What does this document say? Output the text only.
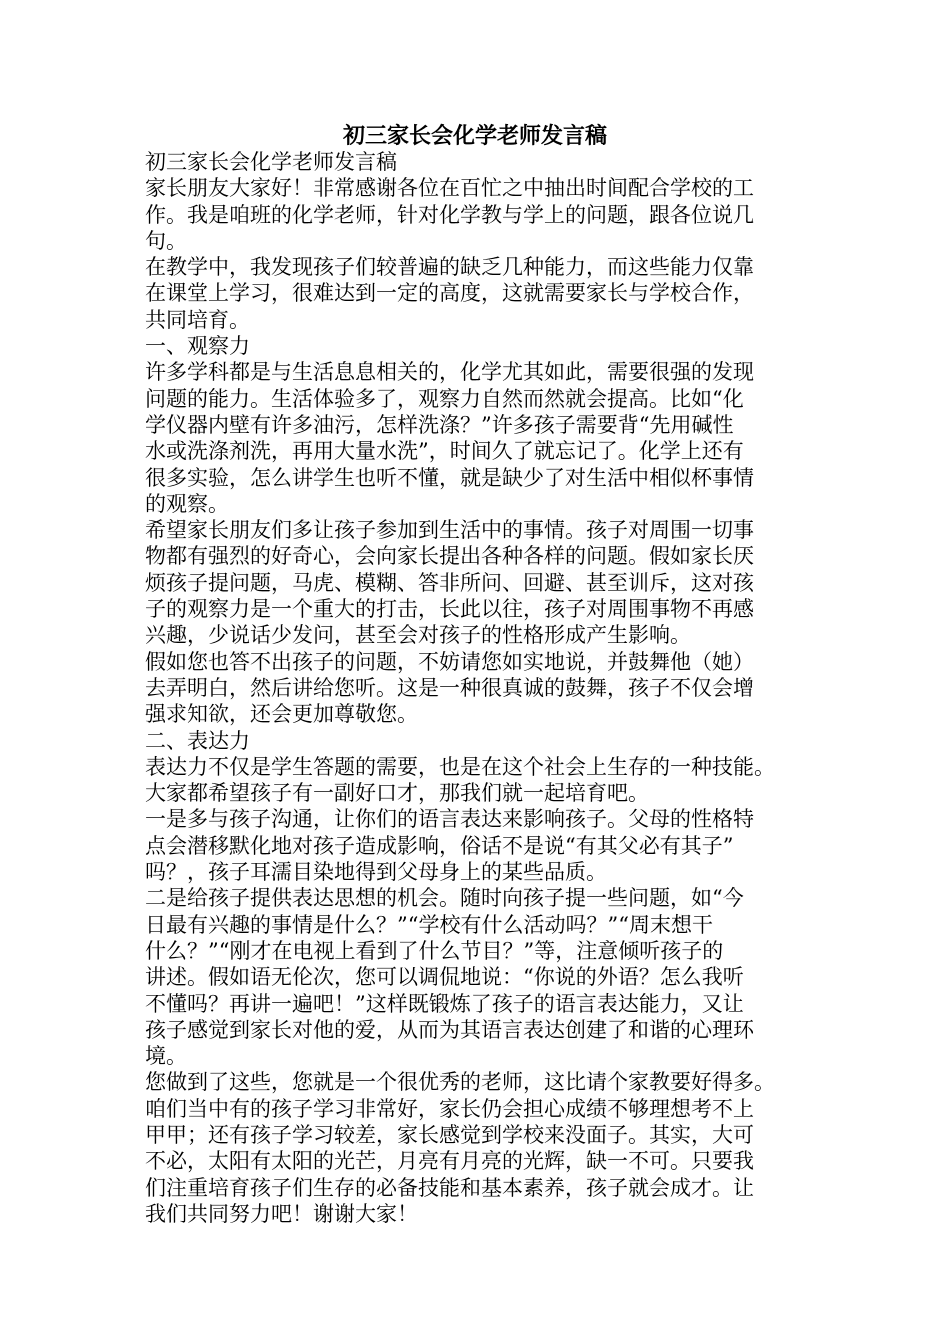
初三家长会化学老师发言稿
初三家长会化学老师发言稿
家长朋友大家好！非常感谢各位在百忙之中抽出时间配合学校的工
作。我是咱班的化学老师，针对化学教与学上的问题，跟各位说几
句。
在教学中，我发现孩子们较普遍的缺乏几种能力，而这些能力仅靠
在课堂上学习，很难达到一定的高度，这就需要家长与学校合作，
共同培育。
一、观察力
许多学科都是与生活息息相关的，化学尤其如此，需要很强的发现
问题的能力。生活体验多了，观察力自然而然就会提高。比如“化
学仪器内壁有许多油污，怎样洗涤？”许多孩子需要背“先用碱性
水或洗涤剂洗，再用大量水洗”，时间久了就忘记了。化学上还有
很多实验，怎么讲学生也听不懂，就是缺少了对生活中相似杯事情
的观察。
希望家长朋友们多让孩子参加到生活中的事情。孩子对周围一切事
物都有强烈的好奇心，会向家长提出各种各样的问题。假如家长厌
烦孩子提问题，马虎、模糊、答非所问、回避、甚至训斥，这对孩
子的观察力是一个重大的打击，长此以往，孩子对周围事物不再感
兴趣，少说话少发问，甚至会对孩子的性格形成产生影响。
假如您也答不出孩子的问题，不妨请您如实地说，并鼓舞他（她）
去弄明白，然后讲给您听。这是一种很真诚的鼓舞，孩子不仅会增
强求知欲，还会更加尊敬您。
二、表达力
表达力不仅是学生答题的需要，也是在这个社会上生存的一种技能。
大家都希望孩子有一副好口才，那我们就一起培育吧。
一是多与孩子沟通，让你们的语言表达来影响孩子。父母的性格特
点会潜移默化地对孩子造成影响，俗话不是说“有其父必有其子”
吗？，孩子耳濡目染地得到父母身上的某些品质。
二是给孩子提供表达思想的机会。随时向孩子提一些问题，如“今
日最有兴趣的事情是什么？”“学校有什么活动吗？”“周末想干
什么？”“刚才在电视上看到了什么节目？”等，注意倾听孩子的
讲述。假如语无伦次，您可以调侃地说：“你说的外语？怎么我听
不懂吗？再讲一遍吧！”这样既锻炼了孩子的语言表达能力，又让
孩子感觉到家长对他的爱，从而为其语言表达创建了和谐的心理环
境。
您做到了这些，您就是一个很优秀的老师，这比请个家教要好得多。
咱们当中有的孩子学习非常好，家长仍会担心成绩不够理想考不上
甲甲；还有孩子学习较差，家长感觉到学校来没面子。其实，大可
不必，太阳有太阳的光芒，月亮有月亮的光辉，缺一不可。只要我
们注重培育孩子们生存的必备技能和基本素养，孩子就会成才。让
我们共同努力吧！谢谢大家！
